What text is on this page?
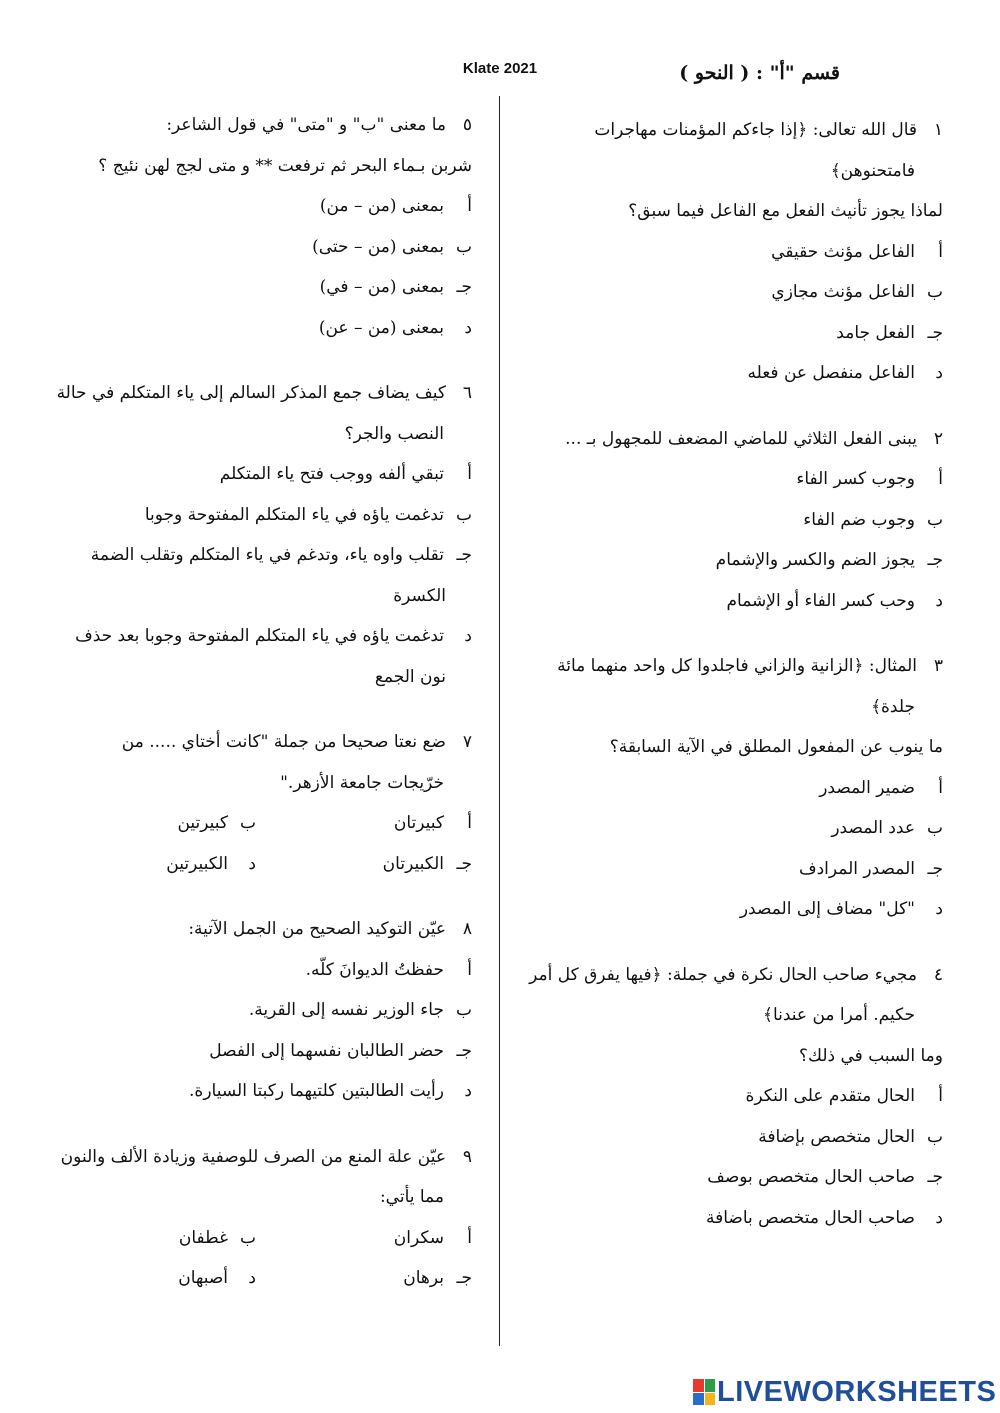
قسم "أ" : ( النحو )
Klate 2021
١قال الله تعالى: ﴿إذا جاءكم المؤمنات مهاجرات
فامتحنوهن﴾
لماذا يجوز تأنيث الفعل مع الفاعل فيما سبق؟
أ
الفاعل مؤنث حقيقي
ب
الفاعل مؤنث مجازي
جـ
الفعل جامد
د
الفاعل منفصل عن فعله
٢يبنى الفعل الثلاثي للماضي المضعف للمجهول بـ ...
أ
وجوب كسر الفاء
ب
وجوب ضم الفاء
جـ
يجوز الضم والكسر والإشمام
د
وحب كسر الفاء أو الإشمام
٣المثال: ﴿الزانية والزاني فاجلدوا كل واحد منهما مائة
جلدة﴾
ما ينوب عن المفعول المطلق في الآية السابقة؟
أ
ضمير المصدر
ب
عدد المصدر
جـ
المصدر المرادف
د
"كل" مضاف إلى المصدر
٤مجيء صاحب الحال نكرة في جملة: ﴿فيها يفرق كل أمر
حكيم. أمرا من عندنا﴾
وما السبب في ذلك؟
أ
الحال متقدم على النكرة
ب
الحال متخصص بإضافة
جـ
صاحب الحال متخصص بوصف
د
صاحب الحال متخصص باضافة
٥ما معنى "ب" و "متى" في قول الشاعر:
شربن بـماء البحر ثم ترفعت ** و متى لجج لهن نئيج ؟
أ
بمعنى (من – من)
ب
بمعنى (من – حتى)
جـ
بمعنى (من – في)
د
بمعنى (من – عن)
٦كيف يضاف جمع المذكر السالم إلى ياء المتكلم في حالة
النصب والجر؟
أ
تبقي ألفه ووجب فتح ياء المتكلم
ب
تدغمت ياؤه في ياء المتكلم المفتوحة وجوبا
جـ
تقلب واوه ياء، وتدغم في ياء المتكلم وتقلب الضمة
الكسرة
د
تدغمت ياؤه في ياء المتكلم المفتوحة وجوبا بعد حذف
نون الجمع
٧ضع نعتا صحيحا من جملة "كانت أختاي ..... من
خرّيجات جامعة الأزهر."
أ
كبيرتان
ب
كبيرتين
جـ
الكبيرتان
د
الكبيرتين
٨عيّن التوكيد الصحيح من الجمل الآتية:
أ
حفظتُ الديوانَ كلّه.
ب
جاء الوزير نفسه إلى القرية.
جـ
حضر الطالبان نفسهما إلى الفصل
د
رأيت الطالبتين كلتيهما ركبتا السيارة.
٩عيّن علة المنع من الصرف للوصفية وزيادة الألف والنون
مما يأتي:
أ
سكران
ب
غطفان
جـ
برهان
د
أصبهان
LIVEWORKSHEETS
